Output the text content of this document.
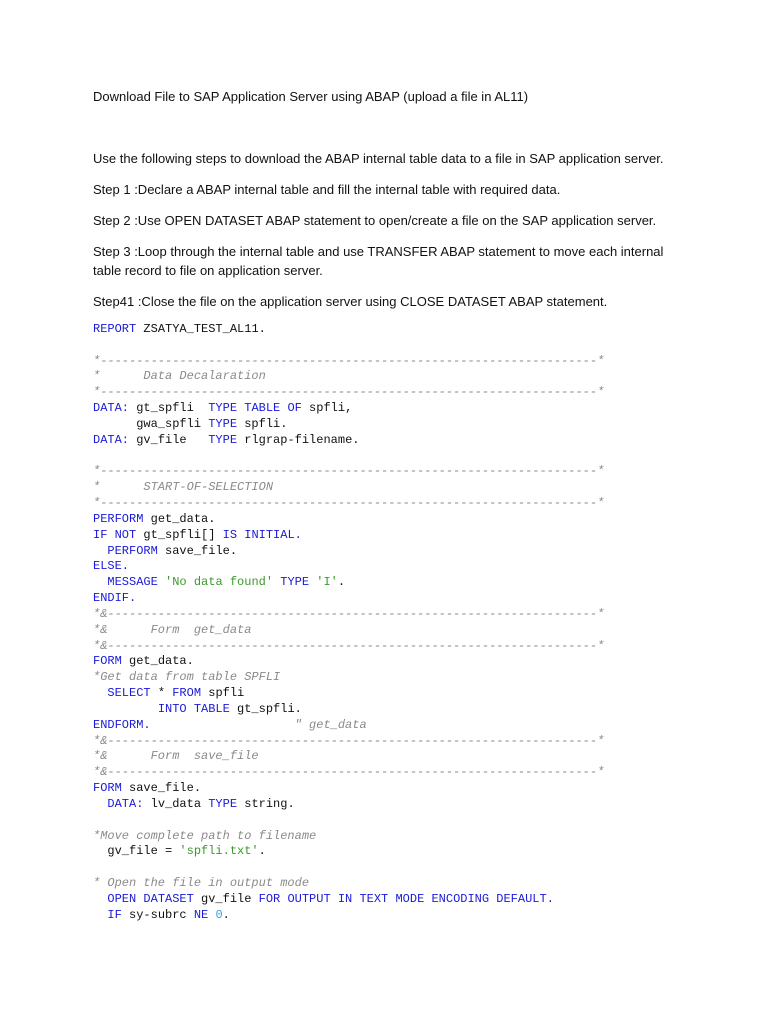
Download File to SAP Application Server using ABAP (upload a file in AL11)

Use the following steps to download the ABAP internal table data to a file in SAP application server.

Step 1 :Declare a ABAP internal table and fill the internal table with required data.

Step 2 :Use OPEN DATASET ABAP statement to open/create a file on the SAP application server.

Step 3 :Loop through the internal table and use TRANSFER ABAP statement to move each internal

table record to file on application server.

Step41 :Close the file on the application server using CLOSE DATASET ABAP statement.

REPORT ZSATYA_TEST_AL11.
*---------------------------------------------------------------------*
*      Data Decalaration
*---------------------------------------------------------------------*
DATA: gt_spfli  TYPE TABLE OF spfli,
gwa_spfli TYPE spfli.
DATA: gv_file   TYPE rlgrap-filename.
*---------------------------------------------------------------------*
*      START-OF-SELECTION
*---------------------------------------------------------------------*
PERFORM get_data.
IF NOT gt_spfli[] IS INITIAL.
PERFORM save_file.
ELSE.
MESSAGE 'No data found' TYPE 'I'.
ENDIF.
*&--------------------------------------------------------------------*
*&      Form  get_data
*&--------------------------------------------------------------------*
FORM get_data.
*Get data from table SPFLI
SELECT * FROM spfli
INTO TABLE gt_spfli.
ENDFORM.	" get_data
*&--------------------------------------------------------------------*
*&      Form  save_file
*&--------------------------------------------------------------------*
FORM save_file.
DATA: lv_data TYPE string.
*Move complete path to filename
gv_file = 'spfli.txt'.
* Open the file in output mode
OPEN DATASET gv_file FOR OUTPUT IN TEXT MODE ENCODING DEFAULT.
IF sy-subrc NE 0.
